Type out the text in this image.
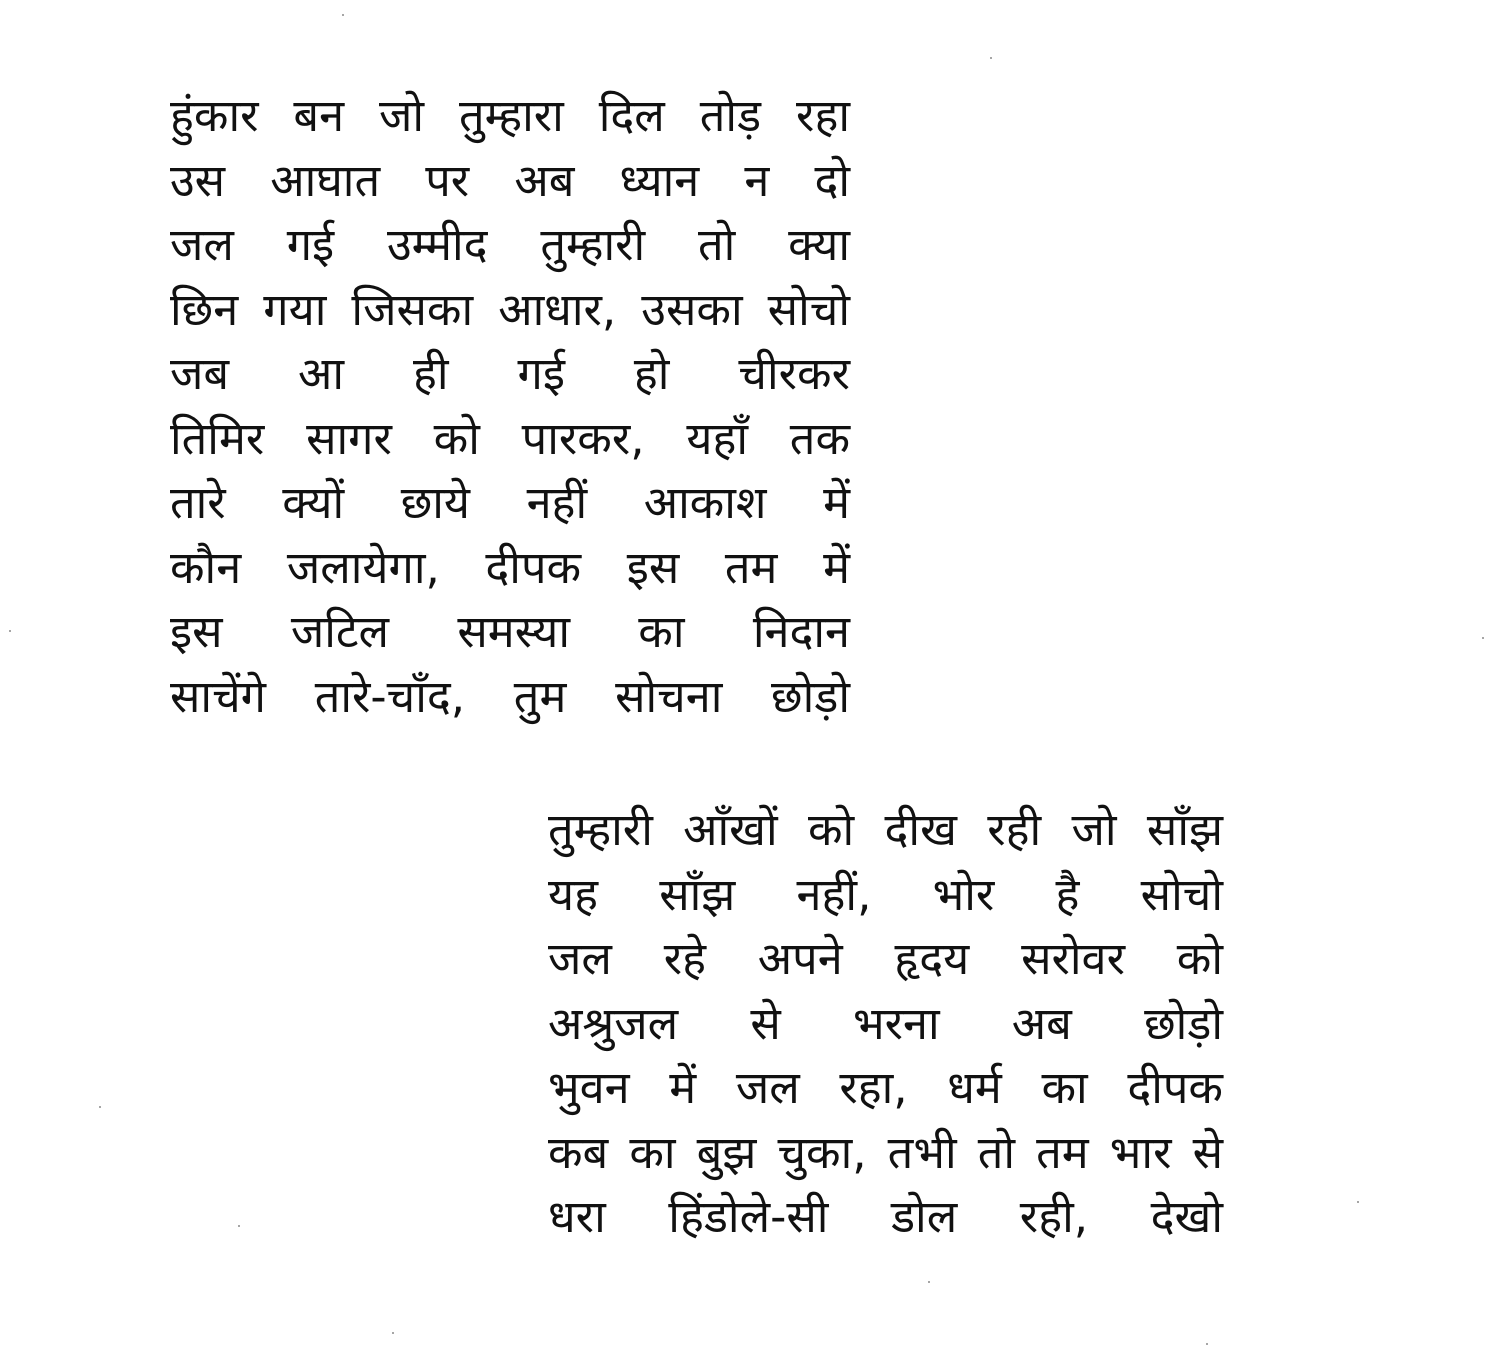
हुंकार बन जो तुम्हारा दिल तोड़ रहा
उस आघात पर अब ध्यान न दो
जल गई उम्मीद तुम्हारी तो क्या
छिन गया जिसका आधार, उसका सोचो
जब आ ही गई हो चीरकर
तिमिर सागर को पारकर, यहाँ तक
तारे क्यों छाये नहीं आकाश में
कौन जलायेगा, दीपक इस तम में
इस जटिल समस्या का निदान
साचेंगे तारे-चाँद, तुम सोचना छोड़ो
तुम्हारी आँखों को दीख रही जो साँझ
यह साँझ नहीं, भोर है सोचो
जल रहे अपने हृदय सरोवर को
अश्रुजल से भरना अब छोड़ो
भुवन में जल रहा, धर्म का दीपक
कब का बुझ चुका, तभी तो तम भार से
धरा हिंडोले-सी डोल रही, देखो
